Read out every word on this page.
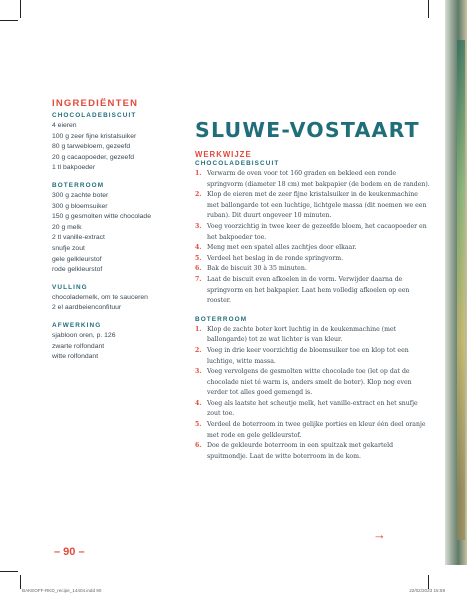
INGREDIËNTEN
CHOCOLADEBISCUIT
4 eieren
100 g zeer fijne kristalsuiker
80 g tarwebloem, gezeefd
20 g cacaopoeder, gezeefd
1 tl bakpoeder
BOTERROOM
300 g zachte boter
300 g bloemsuiker
150 g gesmolten witte chocolade
20 g melk
2 tl vanille-extract
snufje zout
gele gelkleurstof
rode gelkleurstof
VULLING
chocolademelk, om te sauceren
2 el aardbeienconfituur
AFWERKING
sjabloon oren, p. 126
zwarte rolfondant
witte rolfondant
SLUWE-VOSTAART
WERKWIJZE
CHOCOLADEBISCUIT
1. Verwarm de oven voor tot 160 graden en bekleed een ronde springvorm (diameter 18 cm) met bakpapier (de bodem en de randen).
2. Klop de eieren met de zeer fijne kristalsuiker in de keukenmachine met ballongarde tot een luchtige, lichtgele massa (dit noemen we een ruban). Dit duurt ongeveer 10 minuten.
3. Voeg voorzichtig in twee keer de gezeefde bloem, het cacaopoeder en het bakpoeder toe.
4. Meng met een spatel alles zachtjes door elkaar.
5. Verdeel het beslag in de ronde springvorm.
6. Bak de biscuit 30 à 35 minuten.
7. Laat de biscuit even afkoelen in de vorm. Verwijder daarna de springvorm en het bakpapier. Laat hem volledig afkoelen op een rooster.
BOTERROOM
1. Klop de zachte boter kort luchtig in de keukenmachine (met ballongarde) tot ze wat lichter is van kleur.
2. Voeg in drie keer voorzichtig de bloemsuiker toe en klop tot een luchtige, witte massa.
3. Voeg vervolgens de gesmolten witte chocolade toe (let op dat de chocolade niet té warm is, anders smelt de boter). Klop nog even verder tot alles goed gemengd is.
4. Voeg als laatste het scheutje melk, het vanille-extract en het snufje zout toe.
5. Verdeel de boterroom in twee gelijke porties en kleur één deel oranje met rode en gele gelkleurstof.
6. Doe de gekleurde boterroom in een spuitzak met gekarteld spuitmondje. Laat de witte boterroom in de kom.
– 90 –
→
BAKEOFF-RKD_recipe_14404.indd 90	22/02/2023 15:59
